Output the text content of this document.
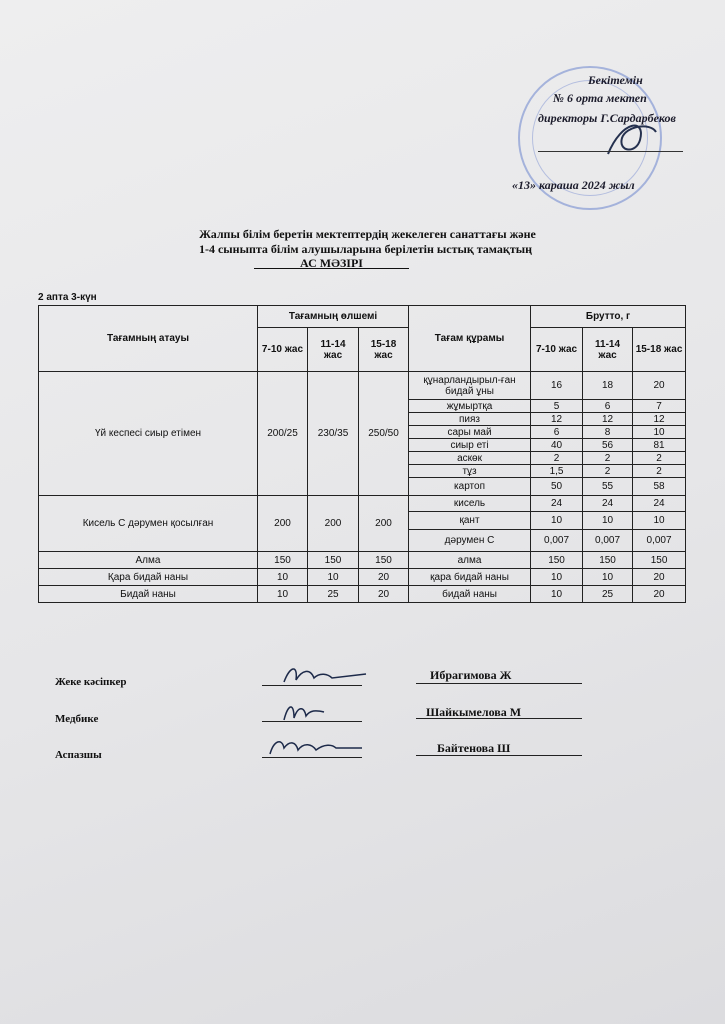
Бекітемін
№ 6 орта мектеп
директоры Г.Сардарбеков
«13» караша 2024 жыл
Жалпы білім беретін мектептердің жекелеген санаттағы және
1-4 сыныпта білім алушыларына берілетін ыстық тамақтың
АС МӘЗІРІ
2 апта 3-күн
Тағамның атауы	Тағамның өлшемі			Тағам құрамы	Брутто, г		
	7-10 жас	11-14 жас	15-18 жас		7-10 жас	11-14 жас	15-18 жас
Үй кеспесі сиыр етімен	200/25	230/35	250/50	құнарландырыл-ған бидай ұны	16	18	20
				жұмыртқа	5	6	7
				пияз	12	12	12
				сары май	6	8	10
				сиыр еті	40	56	81
				аскөк	2	2	2
				тұз	1,5	2	2
				картоп	50	55	58
Кисель С дәрумен қосылған	200	200	200	кисель	24	24	24
				қант	10	10	10
				дәрумен С	0,007	0,007	0,007
Алма	150	150	150	алма	150	150	150
Қара бидай наны	10	10	20	қара бидай наны	10	10	20
Бидай наны	10	25	20	бидай наны	10	25	20
Жеке кәсіпкер	Ибрагимова Ж
Медбике	Шайкымелова М
Аспазшы	Байтенова Ш
